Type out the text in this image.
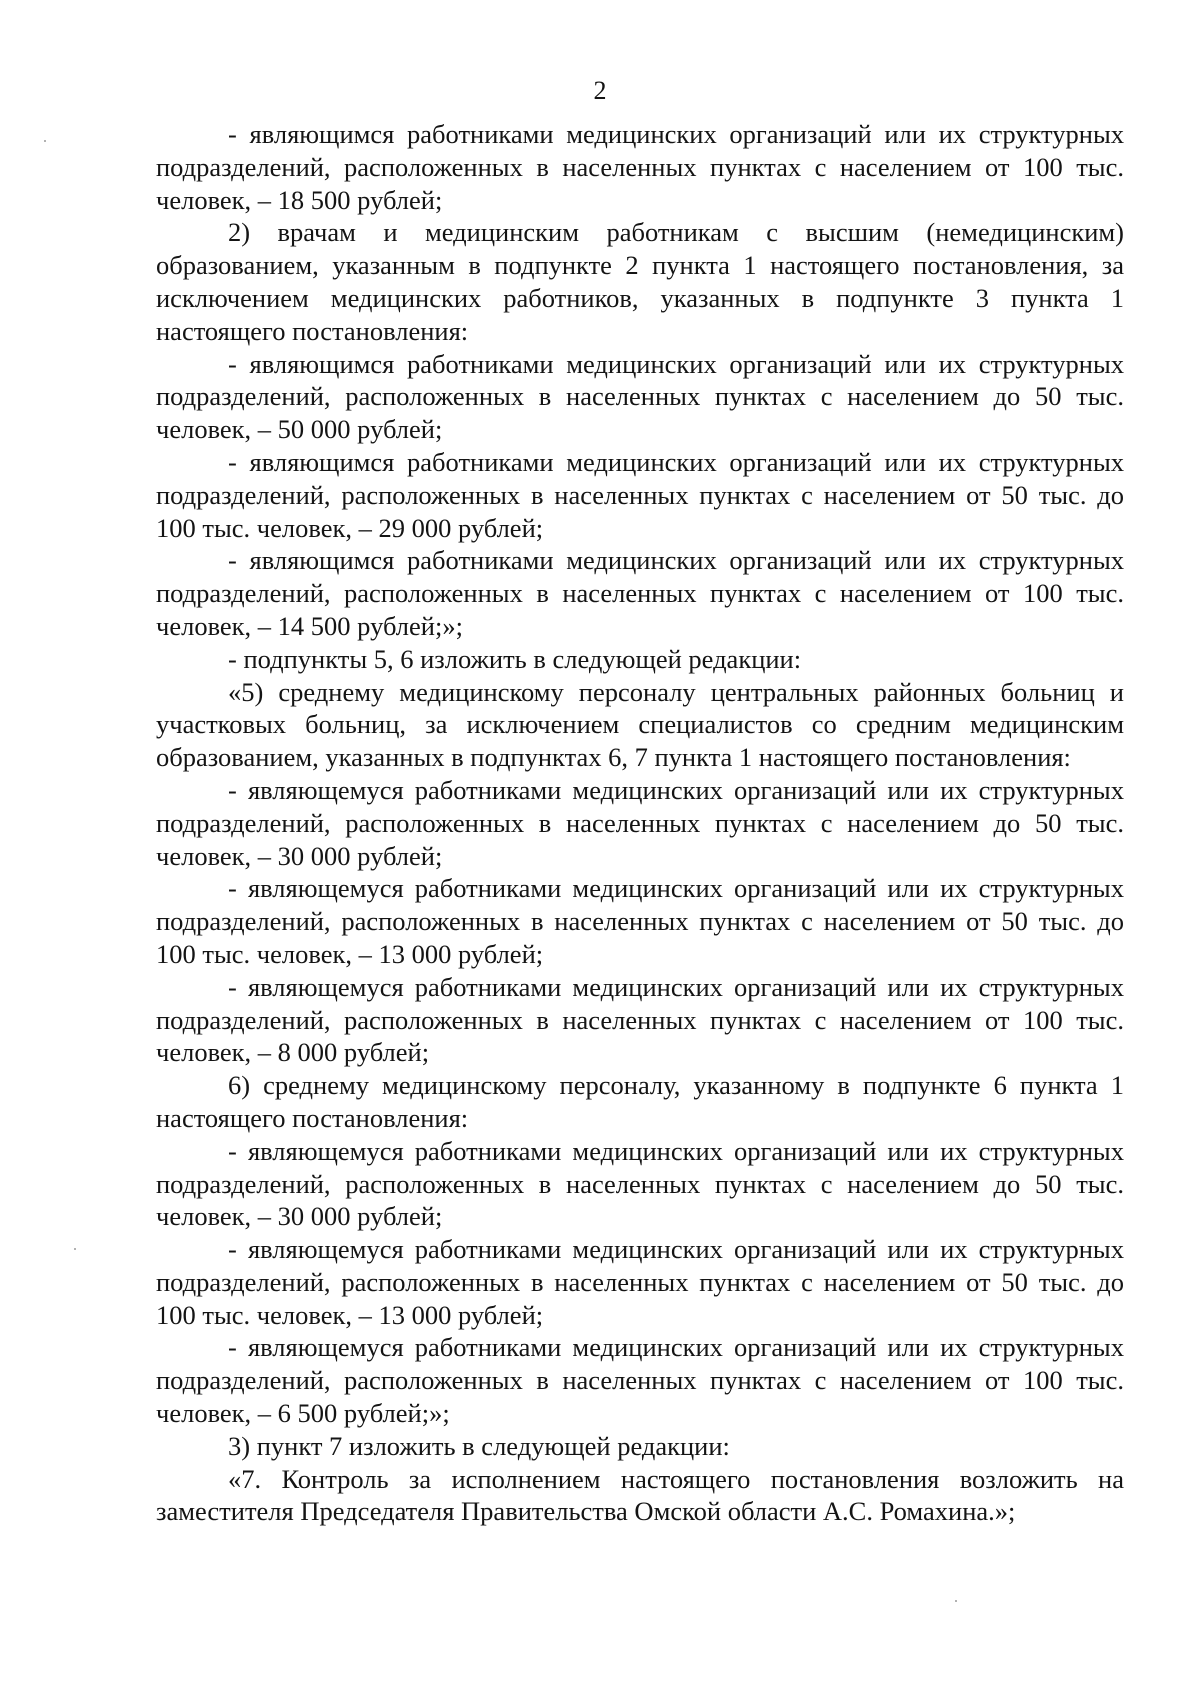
2

- являющимся работниками медицинских организаций или их структурных подразделений, расположенных в населенных пунктах с населением от 100 тыс. человек, – 18 500 рублей;

2) врачам и медицинским работникам с высшим (немедицинским) образованием, указанным в подпункте 2 пункта 1 настоящего постановления, за исключением медицинских работников, указанных в подпункте 3 пункта 1 настоящего постановления:

- являющимся работниками медицинских организаций или их структурных подразделений, расположенных в населенных пунктах с населением до 50 тыс. человек, – 50 000 рублей;

- являющимся работниками медицинских организаций или их структурных подразделений, расположенных в населенных пунктах с населением от 50 тыс. до 100 тыс. человек, – 29 000 рублей;

- являющимся работниками медицинских организаций или их структурных подразделений, расположенных в населенных пунктах с населением от 100 тыс. человек, – 14 500 рублей;»;

- подпункты 5, 6 изложить в следующей редакции:

«5) среднему медицинскому персоналу центральных районных больниц и участковых больниц, за исключением специалистов со средним медицинским образованием, указанных в подпунктах 6, 7 пункта 1 настоящего постановления:

- являющемуся работниками медицинских организаций или их структурных подразделений, расположенных в населенных пунктах с населением до 50 тыс. человек, – 30 000 рублей;

- являющемуся работниками медицинских организаций или их структурных подразделений, расположенных в населенных пунктах с населением от 50 тыс. до 100 тыс. человек, – 13 000 рублей;

- являющемуся работниками медицинских организаций или их структурных подразделений, расположенных в населенных пунктах с населением от 100 тыс. человек, – 8 000 рублей;

6) среднему медицинскому персоналу, указанному в подпункте 6 пункта 1 настоящего постановления:

- являющемуся работниками медицинских организаций или их структурных подразделений, расположенных в населенных пунктах с населением до 50 тыс. человек, – 30 000 рублей;

- являющемуся работниками медицинских организаций или их структурных подразделений, расположенных в населенных пунктах с населением от 50 тыс. до 100 тыс. человек, – 13 000 рублей;

- являющемуся работниками медицинских организаций или их структурных подразделений, расположенных в населенных пунктах с населением от 100 тыс. человек, – 6 500 рублей;»;

3) пункт 7 изложить в следующей редакции:

«7. Контроль за исполнением настоящего постановления возложить на заместителя Председателя Правительства Омской области А.С. Ромахина.»;
